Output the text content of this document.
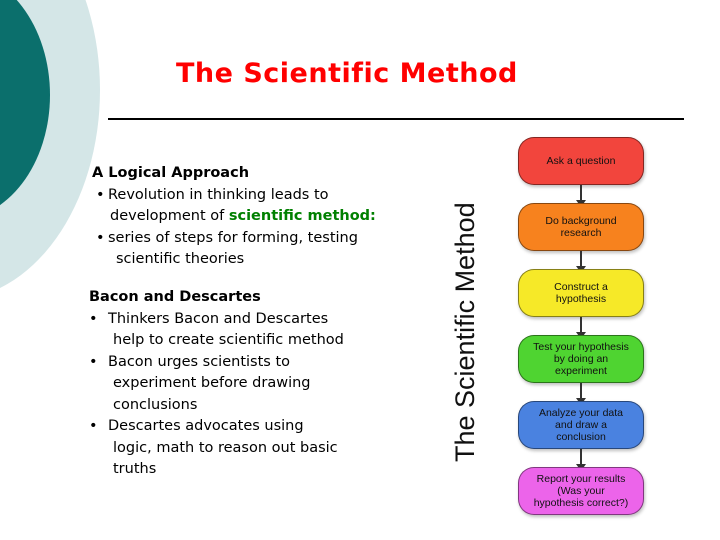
The Scientific Method
A Logical Approach
• Revolution in thinking leads to
development of scientific method:
• series of steps for forming, testing
scientific theories
Bacon and Descartes
• Thinkers Bacon and Descartes
help to create scientific method
• Bacon urges scientists to
experiment before drawing
conclusions
• Descartes advocates using
logic, math to reason out basic
truths
The Scientific Method
Ask a question
Do background
research
Construct a
hypothesis
Test your hypothesis
by doing an
experiment
Analyze your data
and draw a
conclusion
Report your results
(Was your
hypothesis correct?)
